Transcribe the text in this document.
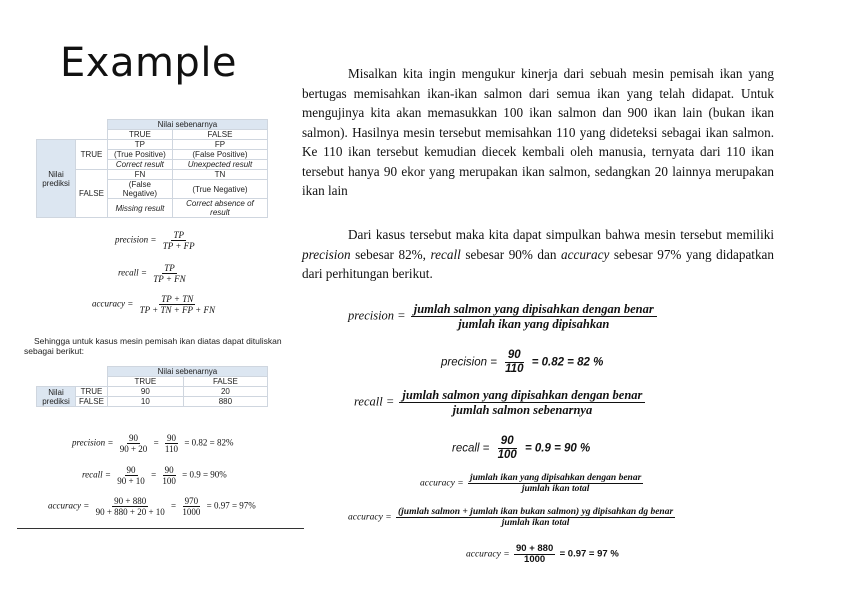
Example
		Nilai sebenarnya	
		TRUE	FALSE
Nilai
prediksi	TRUE	TP	FP
		(True Positive)	(False Positive)
		Correct result	Unexpected result
	FALSE	FN	TN
		(False Negative)	(True Negative)
		Missing result	Correct absence of result
precision = $\frac{TP}{TP + FP}$
recall = $\frac{TP}{TP + FN}$
accuracy = $\frac{TP + TN}{TP + TN + FP + FN}$
Sehingga untuk kasus mesin pemisah ikan diatas dapat dituliskan
sebagai berikut:
		Nilai sebenarnya	
		TRUE	FALSE
Nilai
prediksi	TRUE	90	20
	FALSE	10	880
precision = $\frac{90}{90 + 20} = \frac{90}{110} = 0.82 = 82\%$
recall = $\frac{90}{90 + 10} = \frac{90}{100} = 0.9 = 90\%$
accuracy = $\frac{90 + 880}{90 + 880 + 20 + 10} = \frac{970}{1000} = 0.97 = 97\%$
Misalkan kita ingin mengukur kinerja dari sebuah mesin pemisah ikan yang bertugas memisahkan ikan-ikan salmon dari semua ikan yang telah didapat. Untuk mengujinya kita akan memasukkan 100 ikan salmon dan 900 ikan lain (bukan ikan salmon). Hasilnya mesin tersebut memisahkan 110 yang dideteksi sebagai ikan salmon. Ke 110 ikan tersebut kemudian diecek kembali oleh manusia, ternyata dari 110 ikan tersebut hanya 90 ekor yang merupakan ikan salmon, sedangkan 20 lainnya merupakan ikan lain
Dari kasus tersebut maka kita dapat simpulkan bahwa mesin tersebut memiliki precision sebesar 82%, recall sebesar 90% dan accuracy sebesar 97% yang didapatkan dari perhitungan berikut.
precision = $\frac{\text{jumlah salmon yang dipisahkan dengan benar}}{\text{jumlah ikan yang dipisahkan}}$
precision = $\frac{90}{110} = 0.82 = 82$ %
recall = $\frac{\text{jumlah salmon yang dipisahkan dengan benar}}{\text{jumlah salmon sebenarnya}}$
recall = $\frac{90}{100} = 0.9 = 90$ %
accuracy = $\frac{\text{jumlah ikan yang dipisahkan dengan benar}}{\text{jumlah ikan total}}$
accuracy =
(jumlah salmon + jumlah ikan bukan salmon) yg dipisahkan dg benar
jumlah ikan total
accuracy = $\frac{90 + 880}{1000} = 0.97 = 97$ %
